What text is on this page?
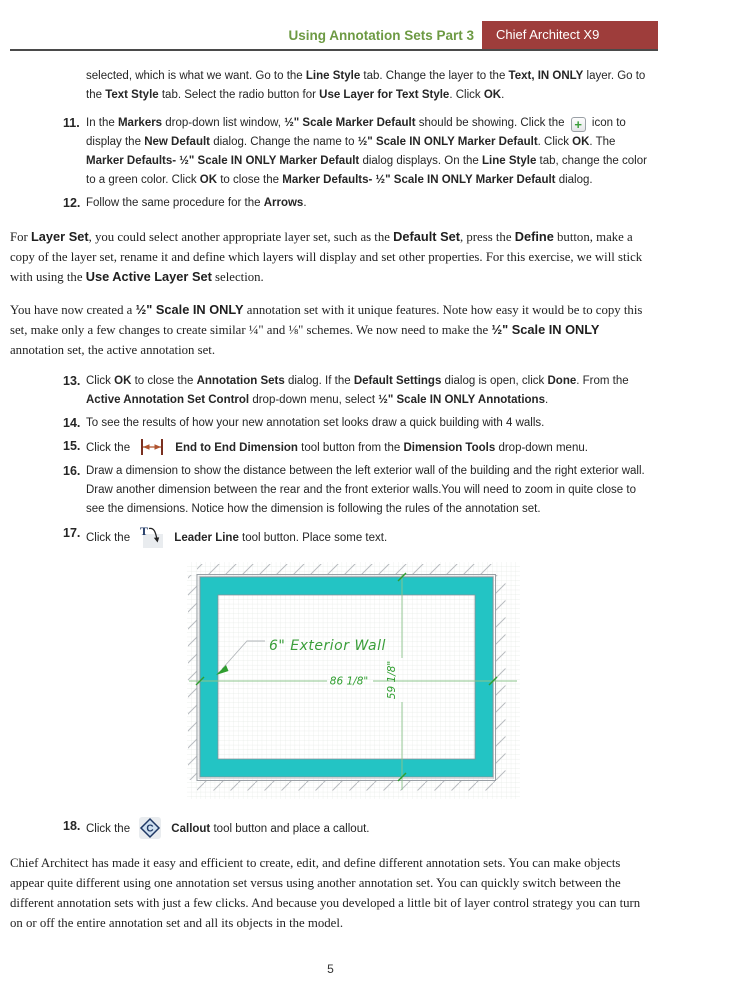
Using Annotation Sets Part 3	Chief Architect X9

selected, which is what we want. Go to the Line Style tab. Change the layer to the Text, IN ONLY layer. Go to the Text Style tab. Select the radio button for Use Layer for Text Style. Click OK.

11. In the Markers drop-down list window, ½" Scale Marker Default should be showing. Click the + icon to display the New Default dialog. Change the name to ½" Scale IN ONLY Marker Default. Click OK. The Marker Defaults- ½" Scale IN ONLY Marker Default dialog displays. On the Line Style tab, change the color to a green color. Click OK to close the Marker Defaults- ½" Scale IN ONLY Marker Default dialog.
12. Follow the same procedure for the Arrows.

For Layer Set, you could select another appropriate layer set, such as the Default Set, press the Define button, make a copy of the layer set, rename it and define which layers will display and set other properties. For this exercise, we will stick with using the Use Active Layer Set selection.

You have now created a ½" Scale IN ONLY annotation set with it unique features. Note how easy it would be to copy this set, make only a few changes to create similar ¼" and ⅛" schemes. We now need to make the ½" Scale IN ONLY annotation set, the active annotation set.

13. Click OK to close the Annotation Sets dialog. If the Default Settings dialog is open, click Done. From the Active Annotation Set Control drop-down menu, select ½" Scale IN ONLY Annotations.
14. To see the results of how your new annotation set looks draw a quick building with 4 walls.
15. Click the	End to End Dimension tool button from the Dimension Tools drop-down menu.
16. Draw a dimension to show the distance between the left exterior wall of the building and the right exterior wall. Draw another dimension between the rear and the front exterior walls.You will need to zoom in quite close to see the dimensions. Notice how the dimension is following the rules of the annotation set.
17. Click the T Leader Line tool button. Place some text.
86 1/8" 59 1/8"
6" Exterior Wall
18. Click the C Callout tool button and place a callout.

Chief Architect has made it easy and efficient to create, edit, and define different annotation sets. You can make objects appear quite different using one annotation set versus using another annotation set. You can quickly switch between the different annotation sets with just a few clicks. And because you developed a little bit of layer control strategy you can turn on or off the entire annotation set and all its objects in the model.

5
